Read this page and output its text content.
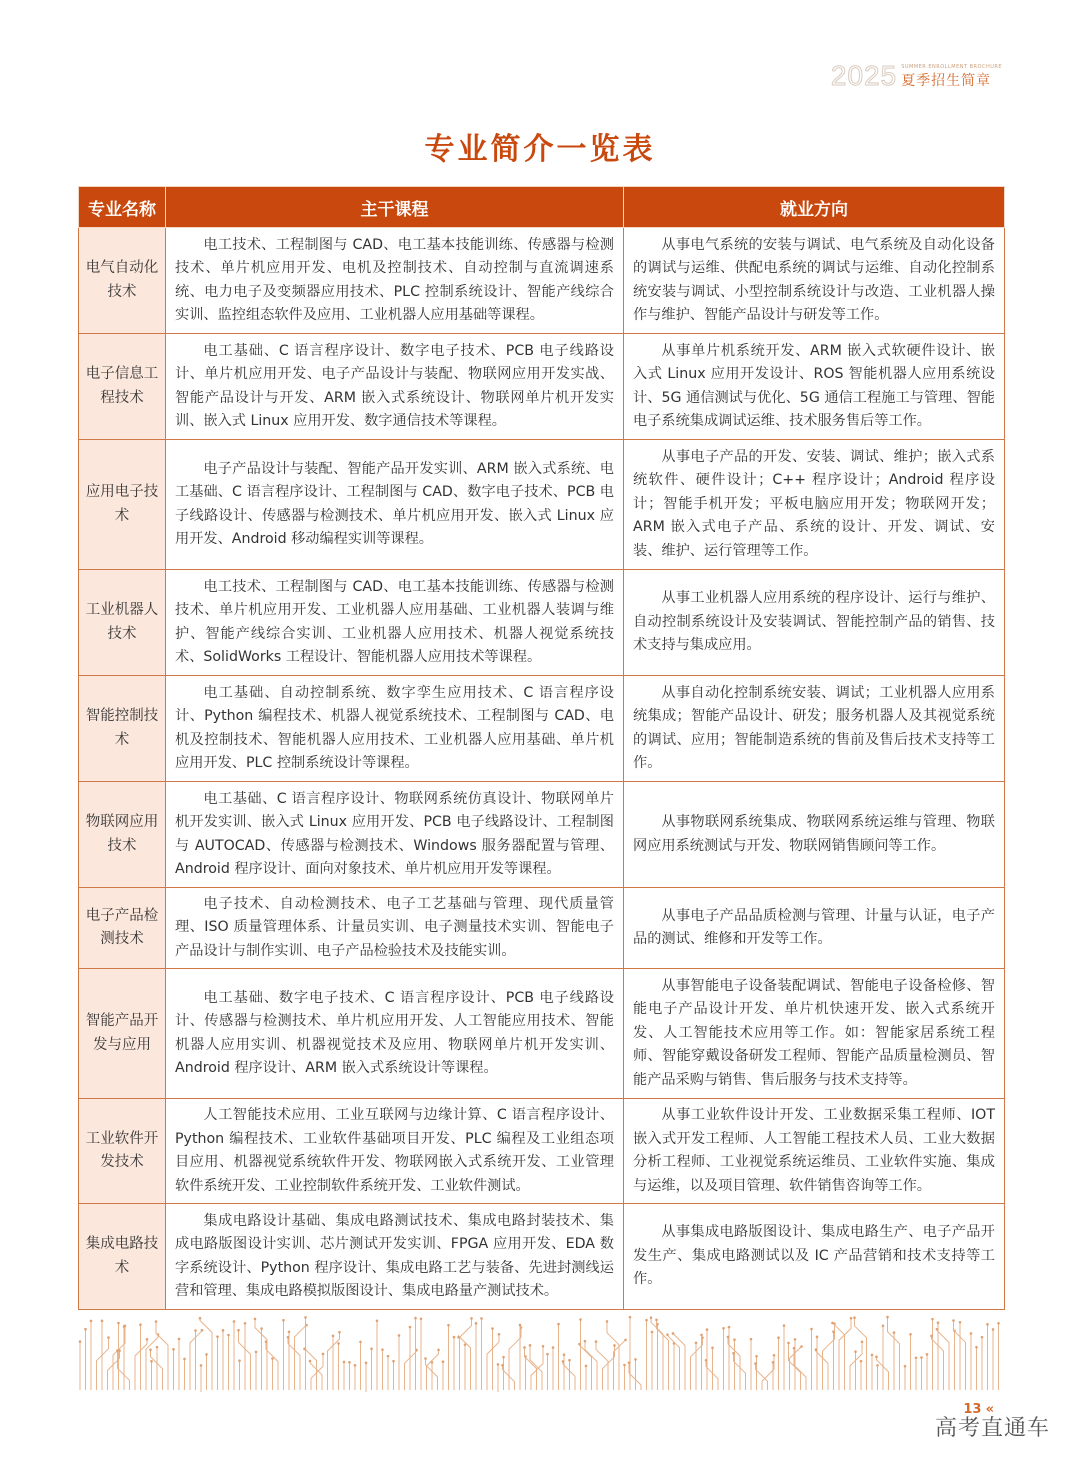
2025 SUMMER ENROLLMENT BROCHURE
夏季招生简章
专业简介一览表
专业名称	主干课程	就业方向
电气自动化技术	电工技术、工程制图与 CAD、电工基本技能训练、传感器与检测技术、单片机应用开发、电机及控制技术、自动控制与直流调速系统、电力电子及变频器应用技术、PLC 控制系统设计、智能产线综合实训、监控组态软件及应用、工业机器人应用基础等课程。	从事电气系统的安装与调试、电气系统及自动化设备的调试与运维、供配电系统的调试与运维、自动化控制系统安装与调试、小型控制系统设计与改造、工业机器人操作与维护、智能产品设计与研发等工作。

电子信息工程技术	电工基础、C 语言程序设计、数字电子技术、PCB 电子线路设计、单片机应用开发、电子产品设计与装配、物联网应用开发实战、智能产品设计与开发、ARM 嵌入式系统设计、物联网单片机开发实训、嵌入式 Linux 应用开发、数字通信技术等课程。	从事单片机系统开发、ARM 嵌入式软硬件设计、嵌入式 Linux 应用开发设计、ROS 智能机器人应用系统设计、5G 通信测试与优化、5G 通信工程施工与管理、智能电子系统集成调试运维、技术服务售后等工作。

应用电子技术	电子产品设计与装配、智能产品开发实训、ARM 嵌入式系统、电工基础、C 语言程序设计、工程制图与 CAD、数字电子技术、PCB 电子线路设计、传感器与检测技术、单片机应用开发、嵌入式 Linux 应用开发、Android 移动编程实训等课程。	从事电子产品的开发、安装、调试、维护；嵌入式系统软件、硬件设计；C++ 程序设计；Android 程序设计；智能手机开发；平板电脑应用开发；物联网开发；ARM 嵌入式电子产品、系统的设计、开发、调试、安装、维护、运行管理等工作。

工业机器人技术	电工技术、工程制图与 CAD、电工基本技能训练、传感器与检测技术、单片机应用开发、工业机器人应用基础、工业机器人装调与维护、智能产线综合实训、工业机器人应用技术、机器人视觉系统技术、SolidWorks 工程设计、智能机器人应用技术等课程。	从事工业机器人应用系统的程序设计、运行与维护、自动控制系统设计及安装调试、智能控制产品的销售、技术支持与集成应用。

智能控制技术	电工基础、自动控制系统、数字孪生应用技术、C 语言程序设计、Python 编程技术、机器人视觉系统技术、工程制图与 CAD、电机及控制技术、智能机器人应用技术、工业机器人应用基础、单片机应用开发、PLC 控制系统设计等课程。	从事自动化控制系统安装、调试；工业机器人应用系统集成；智能产品设计、研发；服务机器人及其视觉系统的调试、应用；智能制造系统的售前及售后技术支持等工作。

物联网应用技术	电工基础、C 语言程序设计、物联网系统仿真设计、物联网单片机开发实训、嵌入式 Linux 应用开发、PCB 电子线路设计、工程制图与 AUTOCAD、传感器与检测技术、Windows 服务器配置与管理、Android 程序设计、面向对象技术、单片机应用开发等课程。	从事物联网系统集成、物联网系统运维与管理、物联网应用系统测试与开发、物联网销售顾问等工作。

电子产品检测技术	电子技术、自动检测技术、电子工艺基础与管理、现代质量管理、ISO 质量管理体系、计量员实训、电子测量技术实训、智能电子产品设计与制作实训、电子产品检验技术及技能实训。	从事电子产品品质检测与管理、计量与认证，电子产品的测试、维修和开发等工作。

智能产品开发与应用	电工基础、数字电子技术、C 语言程序设计、PCB 电子线路设计、传感器与检测技术、单片机应用开发、人工智能应用技术、智能机器人应用实训、机器视觉技术及应用、物联网单片机开发实训、Android 程序设计、ARM 嵌入式系统设计等课程。	从事智能电子设备装配调试、智能电子设备检修、智能电子产品设计开发、单片机快速开发、嵌入式系统开发、人工智能技术应用等工作。如：智能家居系统工程师、智能穿戴设备研发工程师、智能产品质量检测员、智能产品采购与销售、售后服务与技术支持等。

工业软件开发技术	人工智能技术应用、工业互联网与边缘计算、C 语言程序设计、Python 编程技术、工业软件基础项目开发、PLC 编程及工业组态项目应用、机器视觉系统软件开发、物联网嵌入式系统开发、工业管理软件系统开发、工业控制软件系统开发、工业软件测试。	从事工业软件设计开发、工业数据采集工程师、IOT 嵌入式开发工程师、人工智能工程技术人员、工业大数据分析工程师、工业视觉系统运维员、工业软件实施、集成与运维，以及项目管理、软件销售咨询等工作。

集成电路技术	集成电路设计基础、集成电路测试技术、集成电路封装技术、集成电路版图设计实训、芯片测试开发实训、FPGA 应用开发、EDA 数字系统设计、Python 程序设计、集成电路工艺与装备、先进封测线运营和管理、集成电路模拟版图设计、集成电路量产测试技术。	从事集成电路版图设计、集成电路生产、电子产品开发生产、集成电路测试以及 IC 产品营销和技术支持等工作。

13 «
高考直通车
